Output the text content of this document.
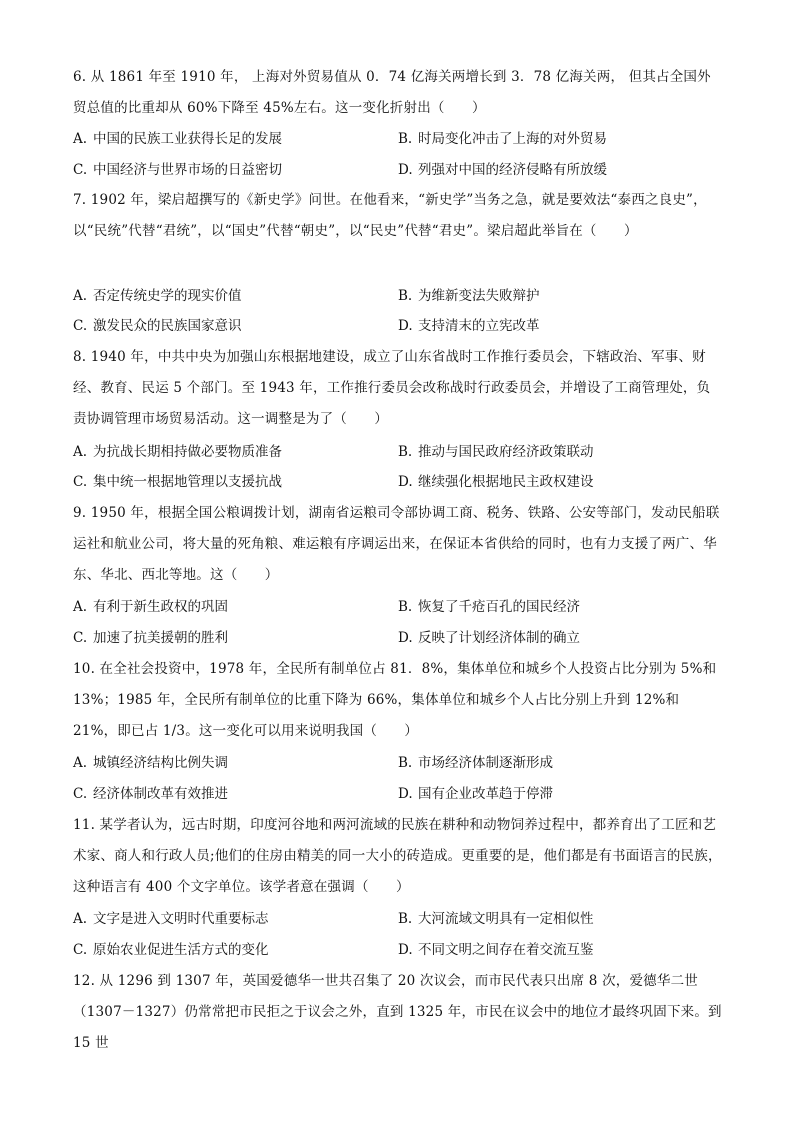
6. 从 1861 年至 1910 年， 上海对外贸易值从 0．74 亿海关两增长到 3．78 亿海关两， 但其占全国外贸总值的比重却从 60%下降至 45%左右。这一变化折射出（　　）
A. 中国的民族工业获得长足的发展	B. 时局变化冲击了上海的对外贸易
C. 中国经济与世界市场的日益密切	D. 列强对中国的经济侵略有所放缓
7. 1902 年，梁启超撰写的《新史学》问世。在他看来，“新史学”当务之急，就是要效法“泰西之良史”，以“民统”代替“君统”，以“国史”代替“朝史”，以“民史”代替“君史”。梁启超此举旨在（　　）
A. 否定传统史学的现实价值	B. 为维新变法失败辩护
C. 激发民众的民族国家意识	D. 支持清末的立宪改革
8. 1940 年，中共中央为加强山东根据地建设，成立了山东省战时工作推行委员会，下辖政治、军事、财经、教育、民运 5 个部门。至 1943 年，工作推行委员会改称战时行政委员会，并增设了工商管理处，负责协调管理市场贸易活动。这一调整是为了（　　）
A. 为抗战长期相持做必要物质准备	B. 推动与国民政府经济政策联动
C. 集中统一根据地管理以支援抗战	D. 继续强化根据地民主政权建设
9. 1950 年，根据全国公粮调拨计划，湖南省运粮司令部协调工商、税务、铁路、公安等部门，发动民船联运社和航业公司，将大量的死角粮、难运粮有序调运出来，在保证本省供给的同时，也有力支援了两广、华东、华北、西北等地。这（　　）
A. 有利于新生政权的巩固	B. 恢复了千疮百孔的国民经济
C. 加速了抗美援朝的胜利	D. 反映了计划经济体制的确立
10. 在全社会投资中，1978 年，全民所有制单位占 81．8%，集体单位和城乡个人投资占比分别为 5%和 13%；1985 年，全民所有制单位的比重下降为 66%，集体单位和城乡个人占比分别上升到 12%和 21%，即已占 1/3。这一变化可以用来说明我国（　　）
A. 城镇经济结构比例失调	B. 市场经济体制逐渐形成
C. 经济体制改革有效推进	D. 国有企业改革趋于停滞
11. 某学者认为，远古时期，印度河谷地和两河流域的民族在耕种和动物饲养过程中，都养育出了工匠和艺术家、商人和行政人员;他们的住房由精美的同一大小的砖造成。更重要的是，他们都是有书面语言的民族，这种语言有 400 个文字单位。该学者意在强调（　　）
A. 文字是进入文明时代重要标志	B. 大河流域文明具有一定相似性
C. 原始农业促进生活方式的变化	D. 不同文明之间存在着交流互鉴
12. 从 1296 到 1307 年，英国爱德华一世共召集了 20 次议会，而市民代表只出席 8 次，爱德华二世（1307－1327）仍常常把市民拒之于议会之外，直到 1325 年，市民在议会中的地位才最终巩固下来。到 15 世
